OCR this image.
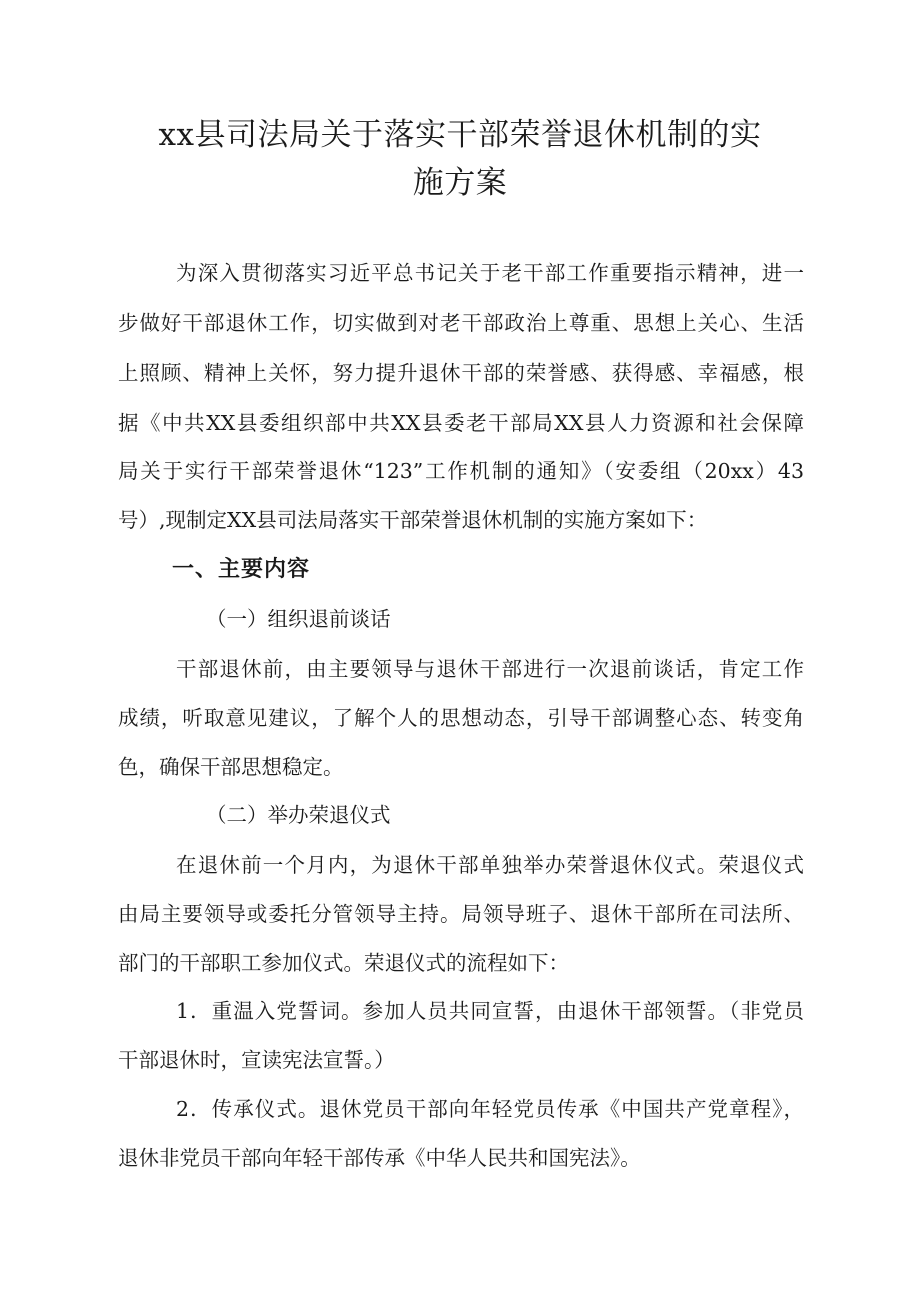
xx县司法局关于落实干部荣誉退休机制的实
施方案
为深入贯彻落实习近平总书记关于老干部工作重要指示精神，进一
步做好干部退休工作，切实做到对老干部政治上尊重、思想上关心、生活
上照顾、精神上关怀，努力提升退休干部的荣誉感、获得感、幸福感，根
据《中共XX县委组织部中共XX县委老干部局XX县人力资源和社会保障
局关于实行干部荣誉退休“123”工作机制的通知》（安委组（20xx）43
号）,现制定XX县司法局落实干部荣誉退休机制的实施方案如下：
一、主要内容
（一）组织退前谈话
干部退休前，由主要领导与退休干部进行一次退前谈话，肯定工作
成绩，听取意见建议，了解个人的思想动态，引导干部调整心态、转变角
色，确保干部思想稳定。
（二）举办荣退仪式
在退休前一个月内，为退休干部单独举办荣誉退休仪式。荣退仪式
由局主要领导或委托分管领导主持。局领导班子、退休干部所在司法所、
部门的干部职工参加仪式。荣退仪式的流程如下：
1．重温入党誓词。参加人员共同宣誓，由退休干部领誓。（非党员
干部退休时，宣读宪法宣誓。）
2．传承仪式。退休党员干部向年轻党员传承《中国共产党章程》，
退休非党员干部向年轻干部传承《中华人民共和国宪法》。
